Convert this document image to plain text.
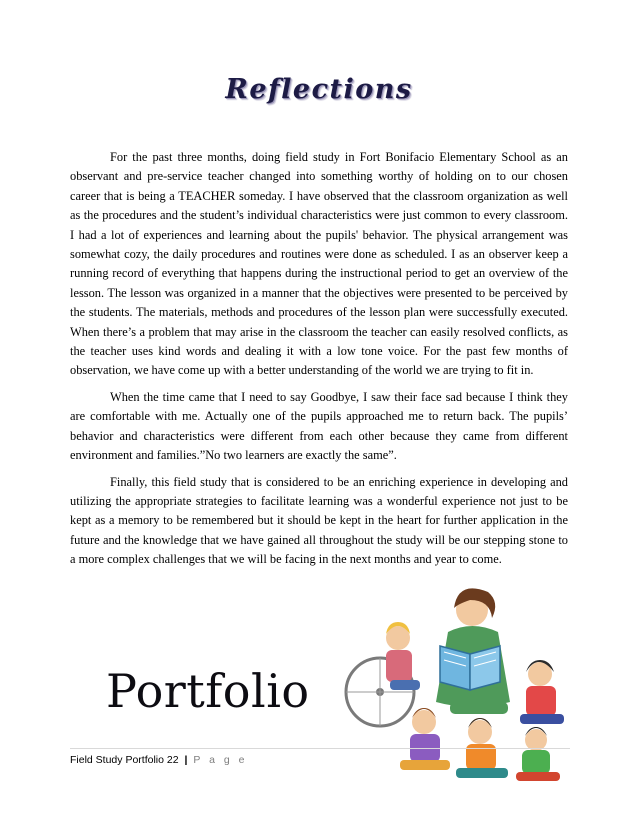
Reflections

For the past three months, doing field study in Fort Bonifacio Elementary School as an observant and pre-service teacher changed into something worthy of holding on to our chosen career that is being a TEACHER someday. I have observed that the classroom organization as well as the procedures and the student’s individual characteristics were just common to every classroom. I had a lot of experiences and learning about the pupils' behavior. The physical arrangement was somewhat cozy, the daily procedures and routines were done as scheduled. I as an observer keep a running record of everything that happens during the instructional period to get an overview of the lesson. The lesson was organized in a manner that the objectives were presented to be perceived by the students. The materials, methods and procedures of the lesson plan were successfully executed. When there’s a problem that may arise in the classroom the teacher can easily resolved conflicts, as the teacher uses kind words and dealing it with a low tone voice. For the past few months of observation, we have come up with a better understanding of the world we are trying to fit in.

When the time came that I need to say Goodbye, I saw their face sad because I think they are comfortable with me. Actually one of the pupils approached me to return back. The pupils’ behavior and characteristics were different from each other because they came from different environment and families.”No two learners are exactly the same”.

Finally, this field study that is considered to be an enriching experience in developing and utilizing the appropriate strategies to facilitate learning was a wonderful experience not just to be kept as a memory to be remembered but it should be kept in the heart for further application in the future and the knowledge that we have gained all throughout the study will be our stepping stone to a more complex challenges that we will be facing in the next months and year to come.

Portfolio
Field Study Portfolio 22 | P a g e
